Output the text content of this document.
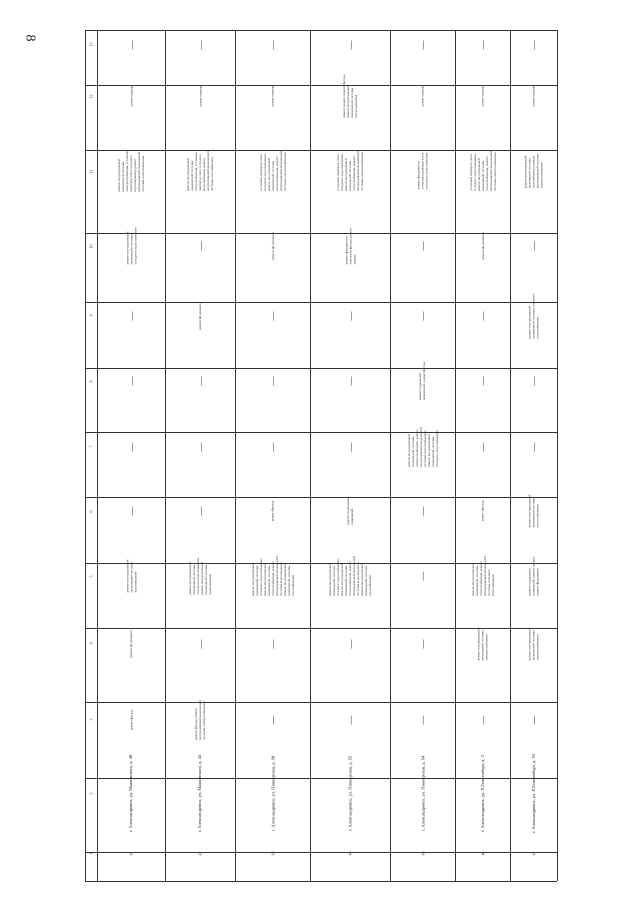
8
1
2
3
4
5
6
7
8
9
10
11
12
13
41
г. Александровск, ул. Маяковского, д. 40
ремонт фасада
ремонт фундамента
ремонт внутридомовой
инженерной системы
водоотведения
—
—
—
—
ремонт внутридомовой
инженерной системы
холодного водоснабжения
ремонт внутридомовой
инженерной системы
электроснабжения, установка
приборов учета холодного
водоснабжения, ремонт
внутридомовой инженерной
системы теплоснабжения
ремонт крыши
—
42
г. Александровск, ул. Маяковского, д. 44
ремонт фасада, ремонт
внутридомовой инженерной
системы электроснабжения
—
ремонт внутридомовой
инженерной системы
холодного водоснабжения,
ремонт внутридомовой
инженерной системы
водоотведения
—
—
—
ремонт фундамента
—
ремонт внутридомовой
инженерной системы
теплоснабжения, установка
приборов учета холодного
водоснабжения, ремонт
внутридомовой инженерной
системы газоснабжения
ремонт крыши
—
43
г. Александровск, ул. Пионерская, д. 90
—
—
ремонт внутридомовой
инженерной системы
холодного водоснабжения,
ремонт внутридомовой
инженерной системы
теплоснабжения, ремонт
внутридомовой инженерной
системы водоотведения,
ремонт внутридомовой
инженерной системы
газоснабжения
ремонт фасада
—
—
—
ремонт фундамента
установка приборов учета
холодного водоснабжения,
ремонт внутридомовой
инженерной системы
теплоснабжения, ремонт
внутридомовой инженерной
системы электроснабжения
ремонт крыши
—
44
г. Александровск, ул. Пионерская, д. 92
—
—
ремонт внутридомовой
инженерной системы
холодного водоснабжения,
ремонт внутридомовой
инженерной системы
теплоснабжения, ремонт
внутридомовой инженерной
системы водоотведения,
ремонт внутридомовой
инженерной системы
газоснабжения
ремонт подвальных
помещений
—
—
—
ремонт фундамента,
утепление фасада, ремонт
крыши
установка приборов учета
холодного водоснабжения,
ремонт внутридомовой
инженерной системы
теплоснабжения, ремонт
внутридомовой инженерной
системы электроснабжения
ремонт крыши, ремонт фасада,
ремонт внутридомовой
инженерной системы
теплоснабжения
—
45
г. Александровск, ул. Пионерская, д. 94
—
—
—
—
ремонт внутридомовой
инженерной системы
электроснабжения, ремонт
внутридомовой инженерной
системы теплоснабжения,
ремонт внутридомовой
инженерной системы
холодного водоснабжения
ремонт подвальных
помещений, ремонт фасада
—
—
ремонт фундамента,
установка приборов учета
холодного водоснабжения
ремонт крыши
—
46
г. Александровск, ул. Р.Люксембург, д. 2
—
ремонт внутридомовой
инженерной системы
электроснабжения
ремонт внутридомовой
инженерной системы
теплоснабжения, ремонт
внутридомовой инженерной
системы холодного
водоснабжения
ремонт фасада
—
—
—
ремонт фундамента
установка приборов учета
холодного водоснабжения,
ремонт внутридомовой
инженерной системы
теплоснабжения, ремонт
внутридомовой инженерной
системы электроснабжения
ремонт крыши
—
47
г. Александровск, ул. Р.Люксембург, д. 93
—
ремонт внутридомовой
инженерной системы
электроснабжения
ремонт подвальных
помещений, ремонт крыши,
ремонт фундамента
ремонт внутридомовой
инженерной системы
теплоснабжения
—
—
ремонт внутридомовой
инженерной системы холодного
водоснабжения
—
ремонт внутридомовой
инженерной системы
газоснабжения, ремонт
внутридомовой системы
электроснабжения
ремонт крыши
—
